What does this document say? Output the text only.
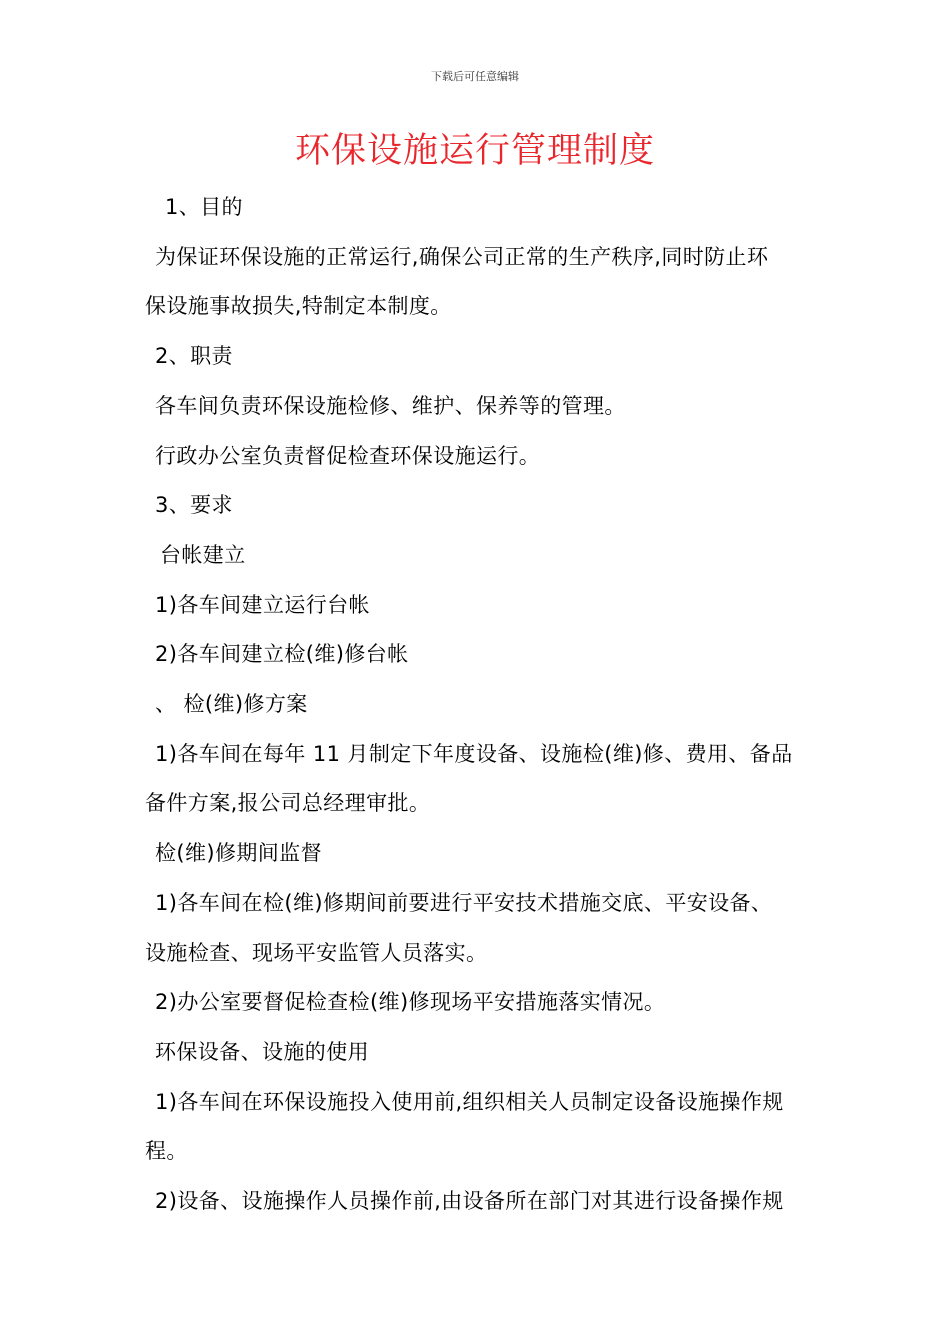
下载后可任意编辑
环保设施运行管理制度

1、目的

为保证环保设施的正常运行,确保公司正常的生产秩序,同时防止环

保设施事故损失,特制定本制度。

2、职责

各车间负责环保设施检修、维护、保养等的管理。

行政办公室负责督促检查环保设施运行。

3、要求

台帐建立

1)各车间建立运行台帐

2)各车间建立检(维)修台帐

、 检(维)修方案

1)各车间在每年 11 月制定下年度设备、设施检(维)修、费用、备品

备件方案,报公司总经理审批。

检(维)修期间监督

1)各车间在检(维)修期间前要进行平安技术措施交底、平安设备、

设施检查、现场平安监管人员落实。

2)办公室要督促检查检(维)修现场平安措施落实情况。

环保设备、设施的使用

1)各车间在环保设施投入使用前,组织相关人员制定设备设施操作规

程。

2)设备、设施操作人员操作前,由设备所在部门对其进行设备操作规
